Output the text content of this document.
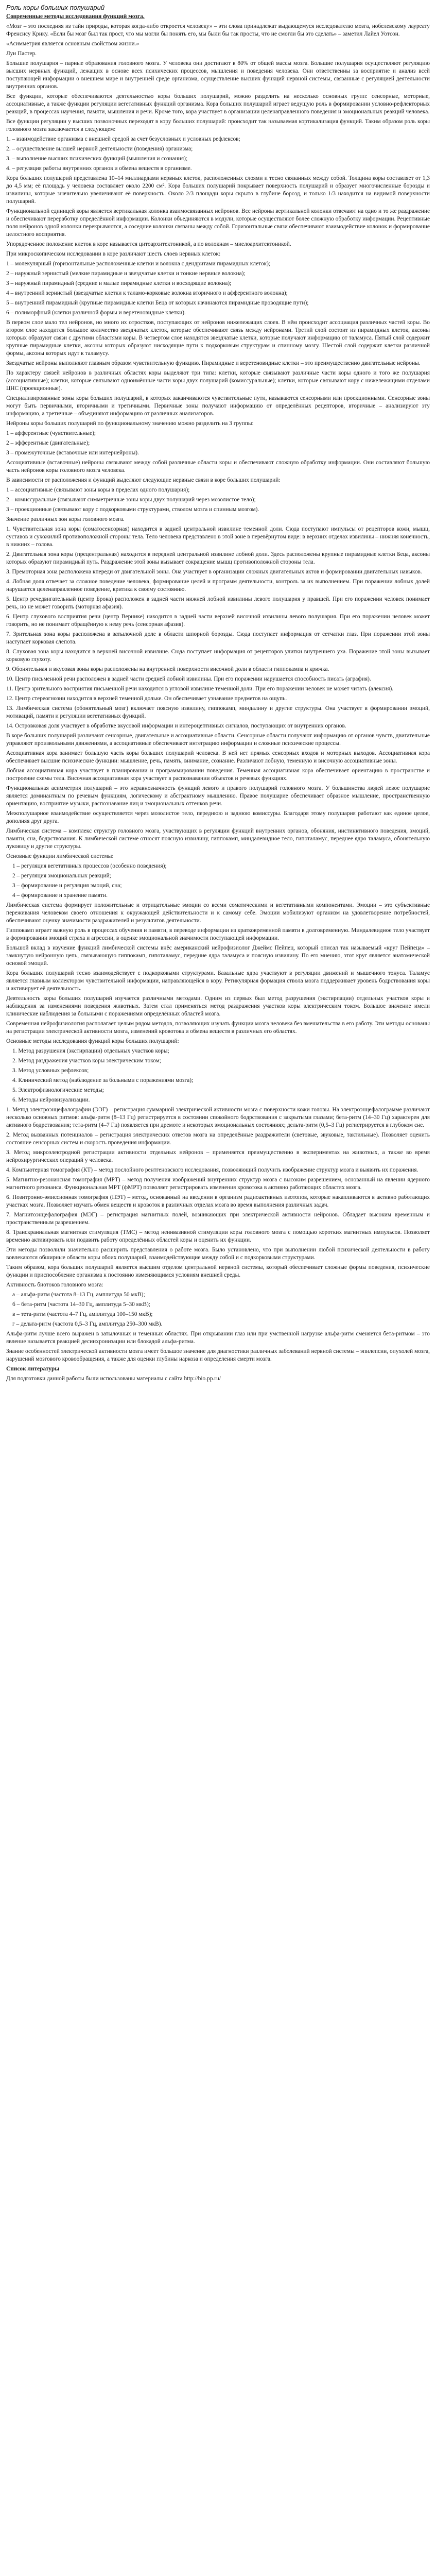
Роль коры больших полушарий

Современные методы исследования функций мозга.

«Мозг – это последняя из тайн природы, которая когда-либо откроется человеку» – эти слова принадлежат выдающемуся исследователю мозга, нобелевскому лауреату Френсису Крику. «Если бы мозг был так прост, что мы могли бы понять его, мы были бы так просты, что не смогли бы это сделать» – заметил Лайел Уотсон.

«Асимметрия является основным свойством жизни.»

Луи Пастер.

Большие полушария – парные образования головного мозга. У человека они достигают в 80% от общей массы мозга. Большие полушария осуществляют регуляцию высших нервных функций, лежащих в основе всех психических процессов, мышления и поведения человека. Они ответственны за восприятие и анализ всей поступающей информации о внешнем мире и внутренней среде организма, осуществление высших функций нервной системы, связанные с регуляцией деятельности внутренних органов.

Все функции, которые обеспечиваются деятельностью коры больших полушарий, можно разделить на несколько основных групп: сенсорные, моторные, ассоциативные, а также функции регуляции вегетативных функций организма. Кора больших полушарий играет ведущую роль в формировании условно-рефлекторных реакций, в процессах научения, памяти, мышления и речи. Кроме того, кора участвует в организации целенаправленного поведения и эмоциональных реакций человека.

Все функции регуляции у высших позвоночных переходят в кору больших полушарий: происходит так называемая кортикализация функций. Таким образом роль коры головного мозга заключается в следующем:

1. – взаимодействие организма с внешней средой за счет безусловных и условных рефлексов;

2. – осуществление высшей нервной деятельности (поведения) организма;

3. – выполнение высших психических функций (мышления и сознания);

4. – регуляция работы внутренних органов и обмена веществ в организме.

Кора больших полушарий представлена 10–14 миллиардами нервных клеток, расположенных слоями и тесно связанных между собой. Толщина коры составляет от 1,3 до 4,5 мм; её площадь у человека составляет около 2200 см². Кора больших полушарий покрывает поверхность полушарий и образует многочисленные борозды и извилины, которые значительно увеличивают её поверхность. Около 2/3 площади коры скрыто в глубине борозд, и только 1/3 находится на видимой поверхности полушарий.

Функциональной единицей коры является вертикальная колонка взаимосвязанных нейронов. Все нейроны вертикальной колонки отвечают на одно и то же раздражение и обеспечивают переработку определённой информации. Колонки объединяются в модули, которые осуществляют более сложную обработку информации. Рецептивные поля нейронов одной колонки перекрываются, а соседние колонки связаны между собой. Горизонтальные связи обеспечивают взаимодействие колонок и формирование целостного восприятия.

Упорядоченное положение клеток в коре называется цитоархитектоникой, а по волокнам – миелоархитектоникой.

При микроскопическом исследовании в коре различают шесть слоев нервных клеток:

1 – молекулярный (горизонтальные расположенные клетки и волокна с дендритами пирамидных клеток);

2 – наружный зернистый (мелкие пирамидные и звездчатые клетки и тонкие нервные волокна);

3 – наружный пирамидный (средние и малые пирамидные клетки и восходящие волокна);

4 – внутренний зернистый (звездчатые клетки к таламо-корковые волокна вторичного и афферентного волокна);

5 – внутренний пирамидный (крупные пирамидные клетки Беца от которых начинаются пирамидные проводящие пути);

6 – полиморфный (клетки различной формы и веретеновидные клетки).

В первом слое мало тел нейронов, но много их отростков, поступающих от нейронов нижележащих слоев. В нём происходит ассоциация различных частей коры. Во втором слое находится большое количество звездчатых клеток, которые обеспечивают связь между нейронами. Третий слой состоит из пирамидных клеток, аксоны которых образуют связи с другими областями коры. В четвертом слое находятся звездчатые клетки, которые получают информацию от таламуса. Пятый слой содержит крупные пирамидные клетки, аксоны которых образуют нисходящие пути к подкорковым структурам и спинному мозгу. Шестой слой содержит клетки различной формы, аксоны которых идут к таламусу.

Звездчатые нейроны выполняют главным образом чувствительную функцию. Пирамидные и веретеновидные клетки – это преимущественно двигательные нейроны.

По характеру связей нейронов в различных областях коры выделяют три типа: клетки, которые связывают различные части коры одного и того же полушария (ассоциативные); клетки, которые связывают одноимённые части коры двух полушарий (комиссуральные); клетки, которые связывают кору с нижележащими отделами ЦНС (проекционные).

Специализированные зоны коры больших полушарий, в которых заканчиваются чувствительные пути, называются сенсорными или проекционными. Сенсорные зоны могут быть первичными, вторичными и третичными. Первичные зоны получают информацию от определённых рецепторов, вторичные – анализируют эту информацию, а третичные – объединяют информацию от различных анализаторов.

Нейроны коры больших полушарий по функциональному значению можно разделить на 3 группы:

1 – афферентные (чувствительные);

2 – эфферентные (двигательные);

3 – промежуточные (вставочные или интернейроны).

Ассоциативные (вставочные) нейроны связывают между собой различные области коры и обеспечивают сложную обработку информации. Они составляют большую часть нейронов коры головного мозга человека.

В зависимости от расположения и функций выделяют следующие нервные связи в коре больших полушарий:

1 – ассоциативные (связывают зоны коры в пределах одного полушария);

2 – комиссуральные (связывают симметричные зоны коры двух полушарий через мозолистое тело);

3 – проекционные (связывают кору с подкорковыми структурами, стволом мозга и спинным мозгом).

Значение различных зон коры головного мозга.

1. Чувствительная зона коры (соматосенсорная) находится в задней центральной извилине теменной доли. Сюда поступают импульсы от рецепторов кожи, мышц, суставов и сухожилий противоположной стороны тела. Тело человека представлено в этой зоне в перевёрнутом виде: в верхних отделах извилины – нижняя конечность, в нижних – голова.

2. Двигательная зона коры (прецентральная) находится в передней центральной извилине лобной доли. Здесь расположены крупные пирамидные клетки Беца, аксоны которых образуют пирамидный путь. Раздражение этой зоны вызывает сокращение мышц противоположной стороны тела.

3. Премоторная зона расположена кпереди от двигательной зоны. Она участвует в организации сложных двигательных актов и формировании двигательных навыков.

4. Лобная доля отвечает за сложное поведение человека, формирование целей и программ деятельности, контроль за их выполнением. При поражении лобных долей нарушается целенаправленное поведение, критика к своему состоянию.

5. Центр речедвигательный (центр Брока) расположен в задней части нижней лобной извилины левого полушария у правшей. При его поражении человек понимает речь, но не может говорить (моторная афазия).

6. Центр слухового восприятия речи (центр Вернике) находится в задней части верхней височной извилины левого полушария. При его поражении человек может говорить, но не понимает обращённую к нему речь (сенсорная афазия).

7. Зрительная зона коры расположена в затылочной доле в области шпорной борозды. Сюда поступает информация от сетчатки глаз. При поражении этой зоны наступает корковая слепота.

8. Слуховая зона коры находится в верхней височной извилине. Сюда поступает информация от рецепторов улитки внутреннего уха. Поражение этой зоны вызывает корковую глухоту.

9. Обонятельная и вкусовая зоны коры расположены на внутренней поверхности височной доли в области гиппокампа и крючка.

10. Центр письменной речи расположен в задней части средней лобной извилины. При его поражении нарушается способность писать (аграфия).

11. Центр зрительного восприятия письменной речи находится в угловой извилине теменной доли. При его поражении человек не может читать (алексия).

12. Центр стереогнозии находится в верхней теменной дольке. Он обеспечивает узнавание предметов на ощупь.

13. Лимбическая система (обонятельный мозг) включает поясную извилину, гиппокамп, миндалину и другие структуры. Она участвует в формировании эмоций, мотиваций, памяти и регуляции вегетативных функций.

14. Островковая доля участвует в обработке вкусовой информации и интероцептивных сигналов, поступающих от внутренних органов.

В коре больших полушарий различают сенсорные, двигательные и ассоциативные области. Сенсорные области получают информацию от органов чувств, двигательные управляют произвольными движениями, а ассоциативные обеспечивают интеграцию информации и сложные психические процессы.

Ассоциативная кора занимает большую часть коры больших полушарий человека. В ней нет прямых сенсорных входов и моторных выходов. Ассоциативная кора обеспечивает высшие психические функции: мышление, речь, память, внимание, сознание. Различают лобную, теменную и височную ассоциативные зоны.

Лобная ассоциативная кора участвует в планировании и программировании поведения. Теменная ассоциативная кора обеспечивает ориентацию в пространстве и построение схемы тела. Височная ассоциативная кора участвует в распознавании объектов и речевых функциях.

Функциональная асимметрия полушарий – это неравнозначность функций левого и правого полушарий головного мозга. У большинства людей левое полушарие является доминантным по речевым функциям, логическому и абстрактному мышлению. Правое полушарие обеспечивает образное мышление, пространственную ориентацию, восприятие музыки, распознавание лиц и эмоциональных оттенков речи.

Межполушарное взаимодействие осуществляется через мозолистое тело, переднюю и заднюю комиссуры. Благодаря этому полушария работают как единое целое, дополняя друг друга.

Лимбическая система – комплекс структур головного мозга, участвующих в регуляции функций внутренних органов, обоняния, инстинктивного поведения, эмоций, памяти, сна, бодрствования. К лимбической системе относят поясную извилину, гиппокамп, миндалевидное тело, гипоталамус, переднее ядро таламуса, обонятельную луковицу и другие структуры.

Основные функции лимбической системы:

1 – регуляция вегетативных процессов (особенно поведения);

2 – регуляция эмоциональных реакций;

3 – формирование и регуляция эмоций, сна;

4 – формирование и хранение памяти.

Лимбическая система формирует положительные и отрицательные эмоции со всеми соматическими и вегетативными компонентами. Эмоции – это субъективные переживания человеком своего отношения к окружающей действительности и к самому себе. Эмоции мобилизуют организм на удовлетворение потребностей, обеспечивают оценку значимости раздражителей и результатов деятельности.

Гиппокамп играет важную роль в процессах обучения и памяти, в переводе информации из кратковременной памяти в долговременную. Миндалевидное тело участвует в формировании эмоций страха и агрессии, в оценке эмоциональной значимости поступающей информации.

Большой вклад в изучение функций лимбической системы внёс американский нейрофизиолог Джеймс Пейпец, который описал так называемый «круг Пейпеца» – замкнутую нейронную цепь, связывающую гиппокамп, гипоталамус, передние ядра таламуса и поясную извилину. По его мнению, этот круг является анатомической основой эмоций.

Кора больших полушарий тесно взаимодействует с подкорковыми структурами. Базальные ядра участвуют в регуляции движений и мышечного тонуса. Таламус является главным коллектором чувствительной информации, направляющейся в кору. Ретикулярная формация ствола мозга поддерживает уровень бодрствования коры и активирует её деятельность.

Деятельность коры больших полушарий изучается различными методами. Одним из первых был метод разрушения (экстирпации) отдельных участков коры и наблюдения за изменениями поведения животных. Затем стал применяться метод раздражения участков коры электрическим током. Большое значение имели клинические наблюдения за больными с поражениями определённых областей мозга.

Современная нейрофизиология располагает целым рядом методов, позволяющих изучать функции мозга человека без вмешательства в его работу. Эти методы основаны на регистрации электрической активности мозга, изменений кровотока и обмена веществ в различных его областях.

Основные методы исследования функций коры больших полушарий:

1. Метод разрушения (экстирпации) отдельных участков коры;

2. Метод раздражения участков коры электрическим током;

3. Метод условных рефлексов;

4. Клинический метод (наблюдение за больными с поражениями мозга);

5. Электрофизиологические методы;

6. Методы нейровизуализации.

1. Метод электроэнцефалографии (ЭЭГ) – регистрация суммарной электрической активности мозга с поверхности кожи головы. На электроэнцефалограмме различают несколько основных ритмов: альфа-ритм (8–13 Гц) регистрируется в состоянии спокойного бодрствования с закрытыми глазами; бета-ритм (14–30 Гц) характерен для активного бодрствования; тета-ритм (4–7 Гц) появляется при дремоте и некоторых эмоциональных состояниях; дельта-ритм (0,5–3 Гц) регистрируется в глубоком сне.

2. Метод вызванных потенциалов – регистрация электрических ответов мозга на определённые раздражители (световые, звуковые, тактильные). Позволяет оценить состояние сенсорных систем и скорость проведения информации.

3. Метод микроэлектродной регистрации активности отдельных нейронов – применяется преимущественно в экспериментах на животных, а также во время нейрохирургических операций у человека.

4. Компьютерная томография (КТ) – метод послойного рентгеновского исследования, позволяющий получить изображение структур мозга и выявить их поражения.

5. Магнитно-резонансная томография (МРТ) – метод получения изображений внутренних структур мозга с высоким разрешением, основанный на явлении ядерного магнитного резонанса. Функциональная МРТ (фМРТ) позволяет регистрировать изменения кровотока в активно работающих областях мозга.

6. Позитронно-эмиссионная томография (ПЭТ) – метод, основанный на введении в организм радиоактивных изотопов, которые накапливаются в активно работающих участках мозга. Позволяет изучать обмен веществ и кровоток в различных отделах мозга во время выполнения различных задач.

7. Магнитоэнцефалография (МЭГ) – регистрация магнитных полей, возникающих при электрической активности нейронов. Обладает высоким временным и пространственным разрешением.

8. Транскраниальная магнитная стимуляция (ТМС) – метод неинвазивной стимуляции коры головного мозга с помощью коротких магнитных импульсов. Позволяет временно активировать или подавить работу определённых областей коры и оценить их функции.

Эти методы позволили значительно расширить представления о работе мозга. Было установлено, что при выполнении любой психической деятельности в работу вовлекаются обширные области коры обоих полушарий, взаимодействующие между собой и с подкорковыми структурами.

Таким образом, кора больших полушарий является высшим отделом центральной нервной системы, который обеспечивает сложные формы поведения, психические функции и приспособление организма к постоянно изменяющимся условиям внешней среды.

Активность биотоков головного мозга:

а – альфа-ритм (частота 8–13 Гц, амплитуда 50 мкВ);

б – бета-ритм (частота 14–30 Гц, амплитуда 5–30 мкВ);

в – тета-ритм (частота 4–7 Гц, амплитуда 100–150 мкВ);

г – дельта-ритм (частота 0,5–3 Гц, амплитуда 250–300 мкВ).

Альфа-ритм лучше всего выражен в затылочных и теменных областях. При открывании глаз или при умственной нагрузке альфа-ритм сменяется бета-ритмом – это явление называется реакцией десинхронизации или блокадой альфа-ритма.

Знание особенностей электрической активности мозга имеет большое значение для диагностики различных заболеваний нервной системы – эпилепсии, опухолей мозга, нарушений мозгового кровообращения, а также для оценки глубины наркоза и определения смерти мозга.

Список литературы

Для подготовки данной работы были использованы материалы с сайта http://bio.pp.ru/
